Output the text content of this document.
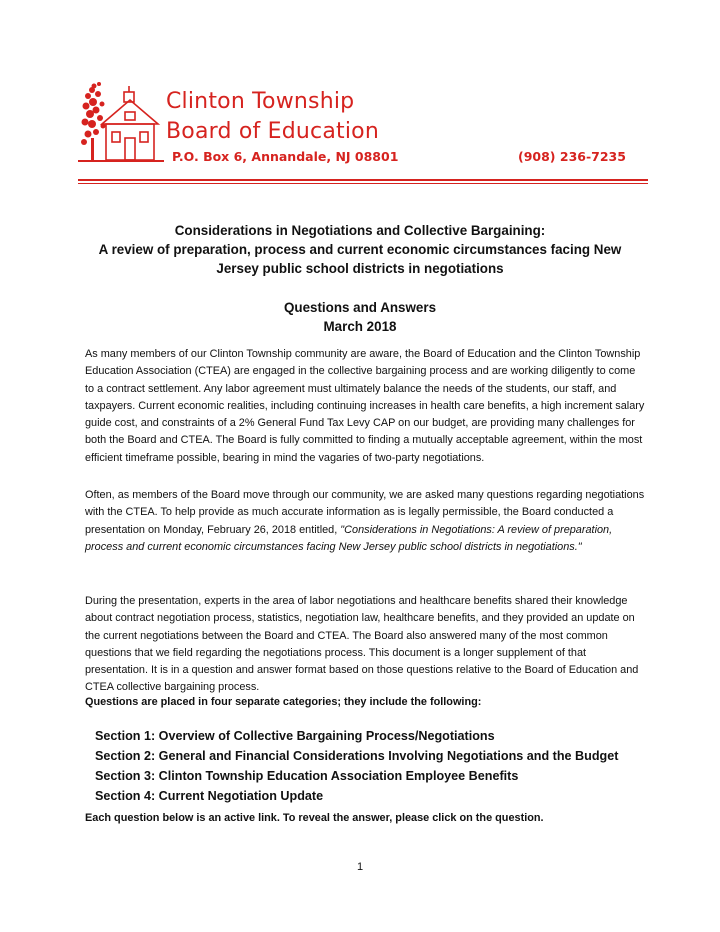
Clinton Township
Board of Education
P.O. Box 6, Annandale, NJ 08801	(908) 236-7235
Considerations in Negotiations and Collective Bargaining:
A review of preparation, process and current economic circumstances facing New
Jersey public school districts in negotiations
Questions and Answers
March 2018
As many members of our Clinton Township community are aware, the Board of Education and the Clinton Township Education Association (CTEA) are engaged in the collective bargaining process and are working diligently to come to a contract settlement. Any labor agreement must ultimately balance the needs of the students, our staff, and taxpayers. Current economic realities, including continuing increases in health care benefits, a high increment salary guide cost, and constraints of a 2% General Fund Tax Levy CAP on our budget, are providing many challenges for both the Board and CTEA. The Board is fully committed to finding a mutually acceptable agreement, within the most efficient timeframe possible, bearing in mind the vagaries of two-party negotiations.
Often, as members of the Board move through our community, we are asked many questions regarding negotiations with the CTEA. To help provide as much accurate information as is legally permissible, the Board conducted a presentation on Monday, February 26, 2018 entitled, "Considerations in Negotiations: A review of preparation, process and current economic circumstances facing New Jersey public school districts in negotiations."
During the presentation, experts in the area of labor negotiations and healthcare benefits shared their knowledge about contract negotiation process, statistics, negotiation law, healthcare benefits, and they provided an update on the current negotiations between the Board and CTEA. The Board also answered many of the most common questions that we field regarding the negotiations process. This document is a longer supplement of that presentation. It is in a question and answer format based on those questions relative to the Board of Education and CTEA collective bargaining process.
Questions are placed in four separate categories; they include the following:
Section 1: Overview of Collective Bargaining Process/Negotiations
Section 2: General and Financial Considerations Involving Negotiations and the Budget
Section 3: Clinton Township Education Association Employee Benefits
Section 4: Current Negotiation Update
Each question below is an active link. To reveal the answer, please click on the question.
1
